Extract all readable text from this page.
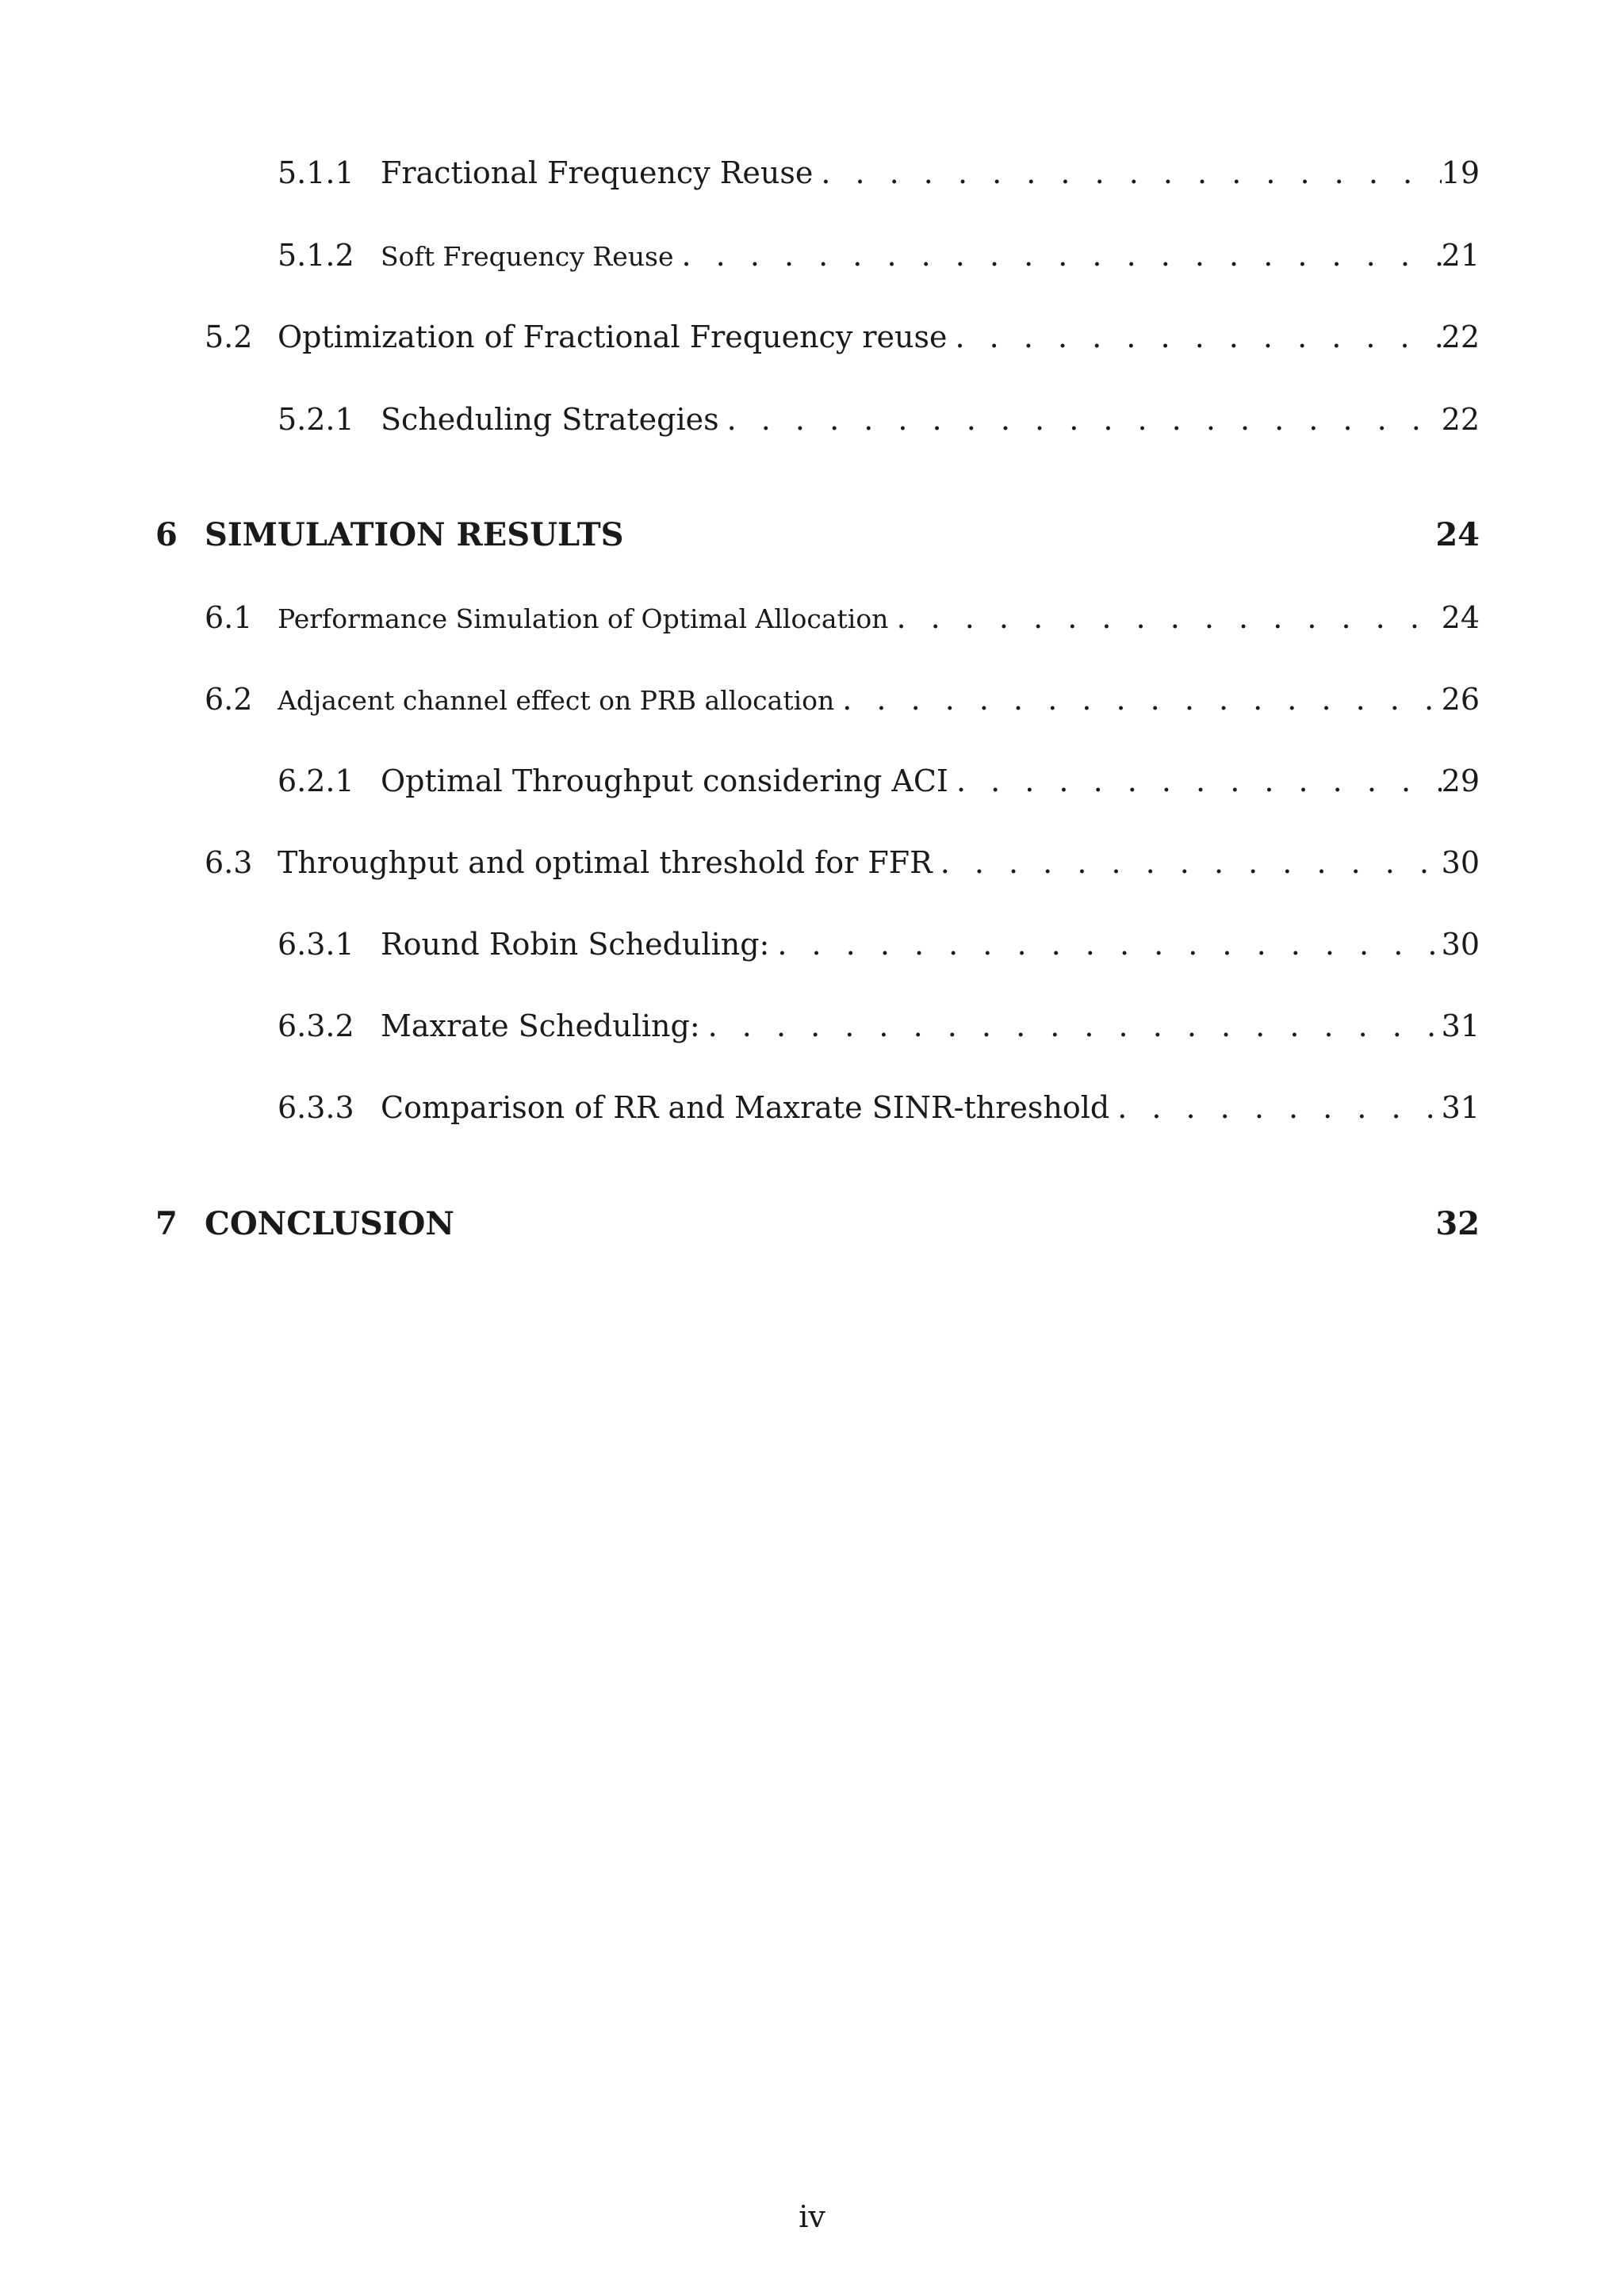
5.1.1 Fractional Frequency Reuse . . .	19
5.1.2	Soft Frequency Reuse . . .	21
5.2 Optimization of Fractional Frequency reuse . . .	22
5.2.1 Scheduling Strategies . . .	22
6 SIMULATION RESULTS	24
6.1 Performance Simulation of Optimal Allocation . . .	24
6.2 Adjacent channel effect on PRB allocation . . .	26
6.2.1 Optimal Throughput considering ACI . . .	29
6.3 Throughput and optimal threshold for FFR . . .	30
6.3.1 Round Robin Scheduling: . . .	30
6.3.2 Maxrate Scheduling: . . .	31
6.3.3 Comparison of RR and Maxrate SINR-threshold . . .	31
7 CONCLUSION	32
iv
